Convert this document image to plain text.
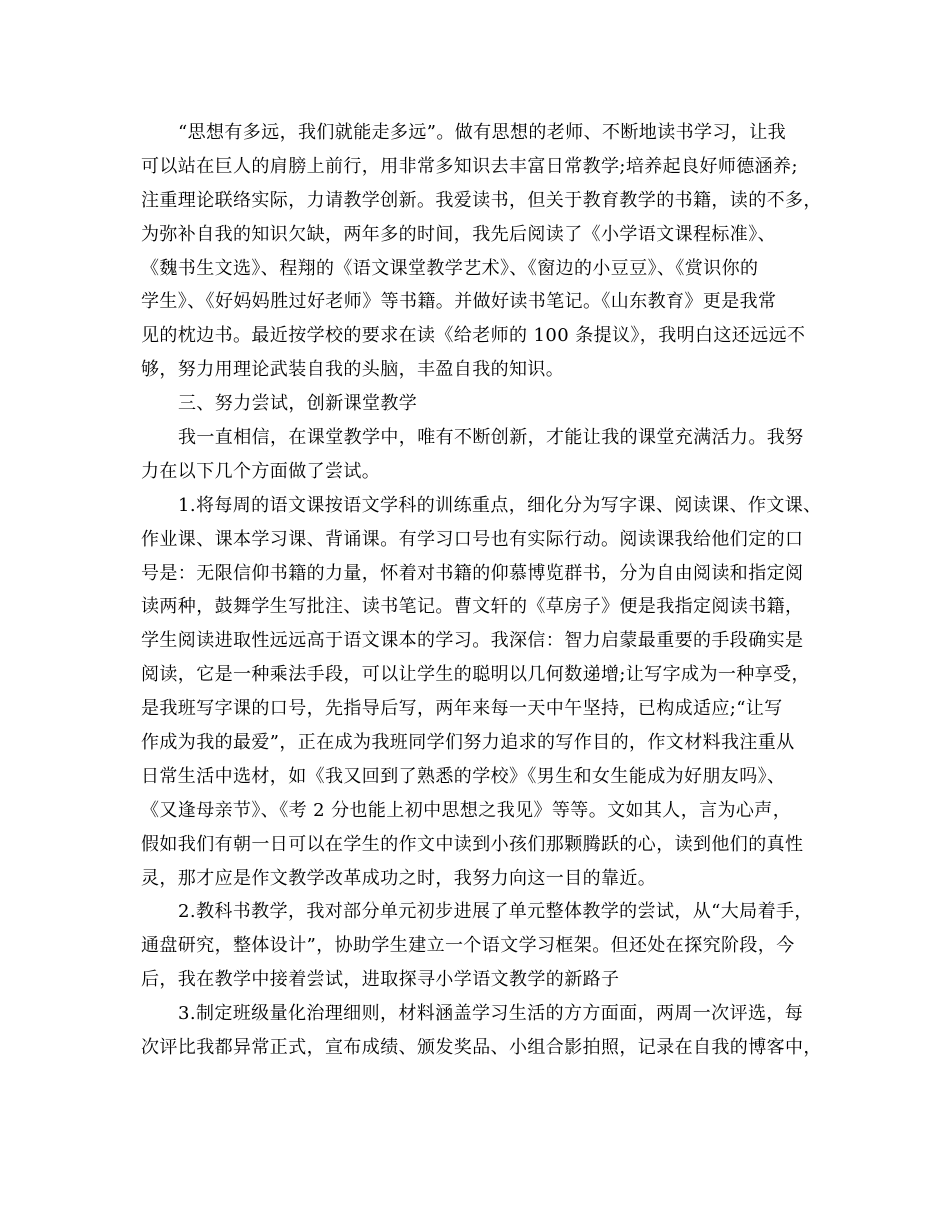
“思想有多远，我们就能走多远”。做有思想的老师、不断地读书学习，让我
可以站在巨人的肩膀上前行，用非常多知识去丰富日常教学;培养起良好师德涵养;
注重理论联络实际，力请教学创新。我爱读书，但关于教育教学的书籍，读的不多，
为弥补自我的知识欠缺，两年多的时间，我先后阅读了《小学语文课程标准》、
《魏书生文选》、程翔的《语文课堂教学艺术》、《窗边的小豆豆》、《赏识你的
学生》、《好妈妈胜过好老师》等书籍。并做好读书笔记。《山东教育》更是我常
见的枕边书。最近按学校的要求在读《给老师的 100 条提议》，我明白这还远远不
够，努力用理论武装自我的头脑，丰盈自我的知识。
三、努力尝试，创新课堂教学
我一直相信，在课堂教学中，唯有不断创新，才能让我的课堂充满活力。我努
力在以下几个方面做了尝试。
1.将每周的语文课按语文学科的训练重点，细化分为写字课、阅读课、作文课、
作业课、课本学习课、背诵课。有学习口号也有实际行动。阅读课我给他们定的口
号是：无限信仰书籍的力量，怀着对书籍的仰慕博览群书，分为自由阅读和指定阅
读两种，鼓舞学生写批注、读书笔记。曹文轩的《草房子》便是我指定阅读书籍，
学生阅读进取性远远高于语文课本的学习。我深信：智力启蒙最重要的手段确实是
阅读，它是一种乘法手段，可以让学生的聪明以几何数递增;让写字成为一种享受，
是我班写字课的口号，先指导后写，两年来每一天中午坚持，已构成适应;“让写
作成为我的最爱”，正在成为我班同学们努力追求的写作目的，作文材料我注重从
日常生活中选材，如《我又回到了熟悉的学校》《男生和女生能成为好朋友吗》、
《又逢母亲节》、《考 2 分也能上初中思想之我见》等等。文如其人，言为心声，
假如我们有朝一日可以在学生的作文中读到小孩们那颗腾跃的心，读到他们的真性
灵，那才应是作文教学改革成功之时，我努力向这一目的靠近。
2.教科书教学，我对部分单元初步进展了单元整体教学的尝试，从“大局着手，
通盘研究，整体设计”，协助学生建立一个语文学习框架。但还处在探究阶段，今
后，我在教学中接着尝试，进取探寻小学语文教学的新路子
3.制定班级量化治理细则，材料涵盖学习生活的方方面面，两周一次评选，每
次评比我都异常正式，宣布成绩、颁发奖品、小组合影拍照，记录在自我的博客中，
